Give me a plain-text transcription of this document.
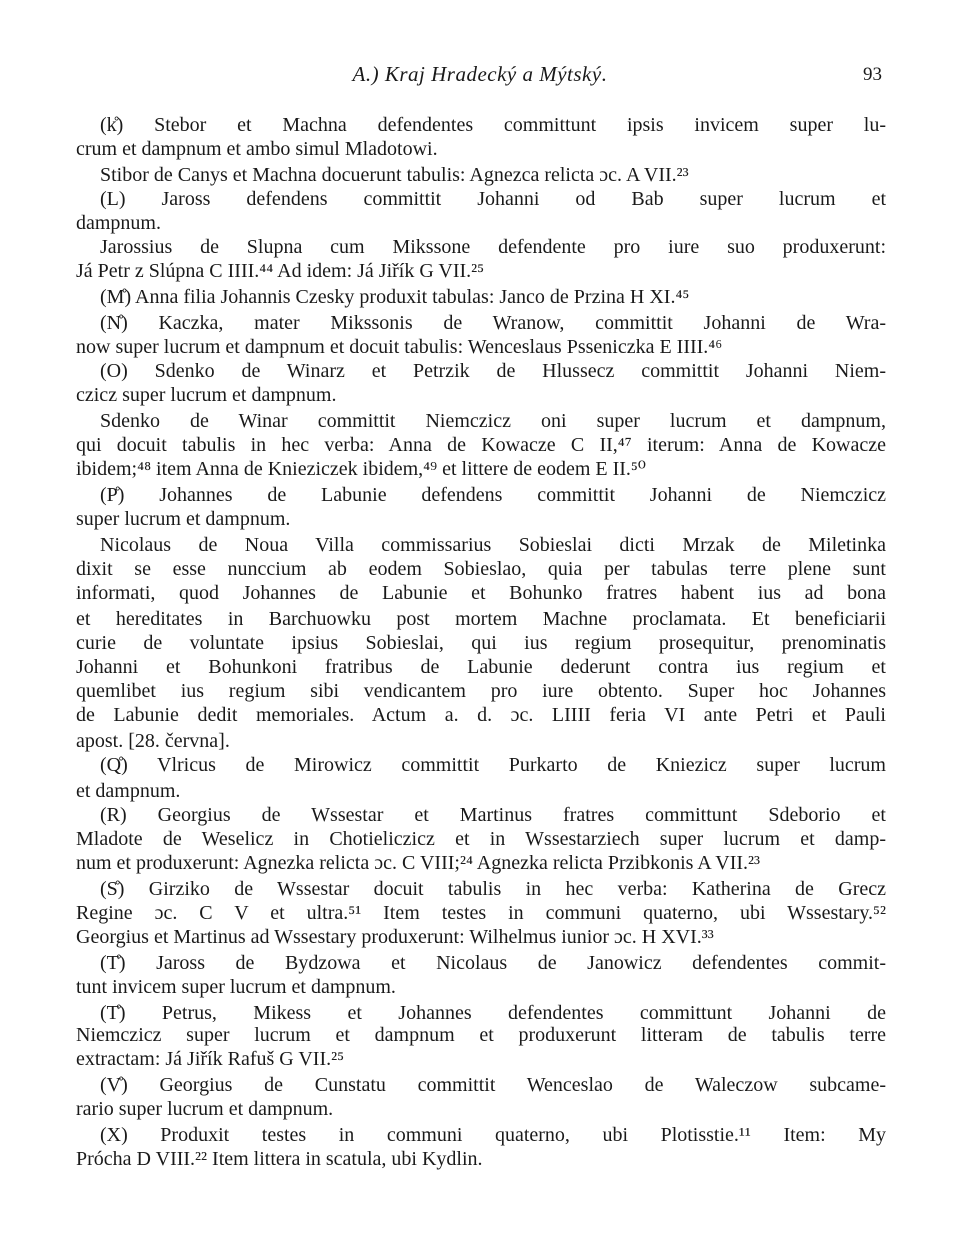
A.) Kraj Hradecký a Mýtský.	93
(k̊) Stebor et Machna defendentes committunt ipsis invicem super lu-
crum et dampnum et ambo simul Mladotowi.
Stibor de Canys et Machna docuerunt tabulis: Agnezca relicta ɔc. A VII.²³
(L) Jaross defendens committit Johanni od Bab super lucrum et
dampnum.
Jarossius de Slupna cum Mikssone defendente pro iure suo produxerunt:
Já Petr z Slúpna C IIII.⁴⁴ Ad idem: Já Jiřík G VII.²⁵
(M̊) Anna filia Johannis Czesky produxit tabulas: Janco de Przina H XI.⁴⁵
(N̊) Kaczka, mater Mikssonis de Wranow, committit Johanni de Wra-
now super lucrum et dampnum et docuit tabulis: Wenceslaus Psseniczka E IIII.⁴⁶
(O) Sdenko de Winarz et Petrzik de Hlussecz committit Johanni Niem-
czicz super lucrum et dampnum.
Sdenko de Winar committit Niemczicz oni super lucrum et dampnum,
qui docuit tabulis in hec verba: Anna de Kowacze C II,⁴⁷ iterum: Anna de Kowacze
ibidem;⁴⁸ item Anna de Knieziczek ibidem,⁴⁹ et littere de eodem E II.⁵⁰
(P̊) Johannes de Labunie defendens committit Johanni de Niemczicz
super lucrum et dampnum.
Nicolaus de Noua Villa commissarius Sobieslai dicti Mrzak de Miletinka
dixit se esse nunccium ab eodem Sobieslao, quia per tabulas terre plene sunt
informati, quod Johannes de Labunie et Bohunko fratres habent ius ad bona
et hereditates in Barchuowku post mortem Machne proclamata. Et beneficiarii
curie de voluntate ipsius Sobieslai, qui ius regium prosequitur, prenominatis
Johanni et Bohunkoni fratribus de Labunie dederunt contra ius regium et
quemlibet ius regium sibi vendicantem pro iure obtento. Super hoc Johannes
de Labunie dedit memoriales. Actum a. d. ɔc. LIIII feria VI ante Petri et Pauli
apost. [28. června].
(Q̊) Vlricus de Mirowicz committit Purkarto de Kniezicz super lucrum
et dampnum.
(R) Georgius de Wssestar et Martinus fratres committunt Sdeborio et
Mladote de Weselicz in Chotieliczicz et in Wssestarziech super lucrum et damp-
num et produxerunt: Agnezka relicta ɔc. C VIII;²⁴ Agnezka relicta Przibkonis A VII.²³
(S̊) Girziko de Wssestar docuit tabulis in hec verba: Katherina de Grecz
Regine ɔc. C V et ultra.⁵¹ Item testes in communi quaterno, ubi Wssestary.⁵²
Georgius et Martinus ad Wssestary produxerunt: Wilhelmus iunior ɔc. H XVI.³³
(T̊) Jaross de Bydzowa et Nicolaus de Janowicz defendentes commit-
tunt invicem super lucrum et dampnum.
(T̊) Petrus, Mikess et Johannes defendentes committunt Johanni de
Niemczicz super lucrum et dampnum et produxerunt litteram de tabulis terre
extractam: Já Jiřík Rafuš G VII.²⁵
(V̊) Georgius de Cunstatu committit Wenceslao de Waleczow subcame-
rario super lucrum et dampnum.
(X) Produxit testes in communi quaterno, ubi Plotisstie.¹¹ Item: My
Prócha D VIII.²² Item littera in scatula, ubi Kydlin.
